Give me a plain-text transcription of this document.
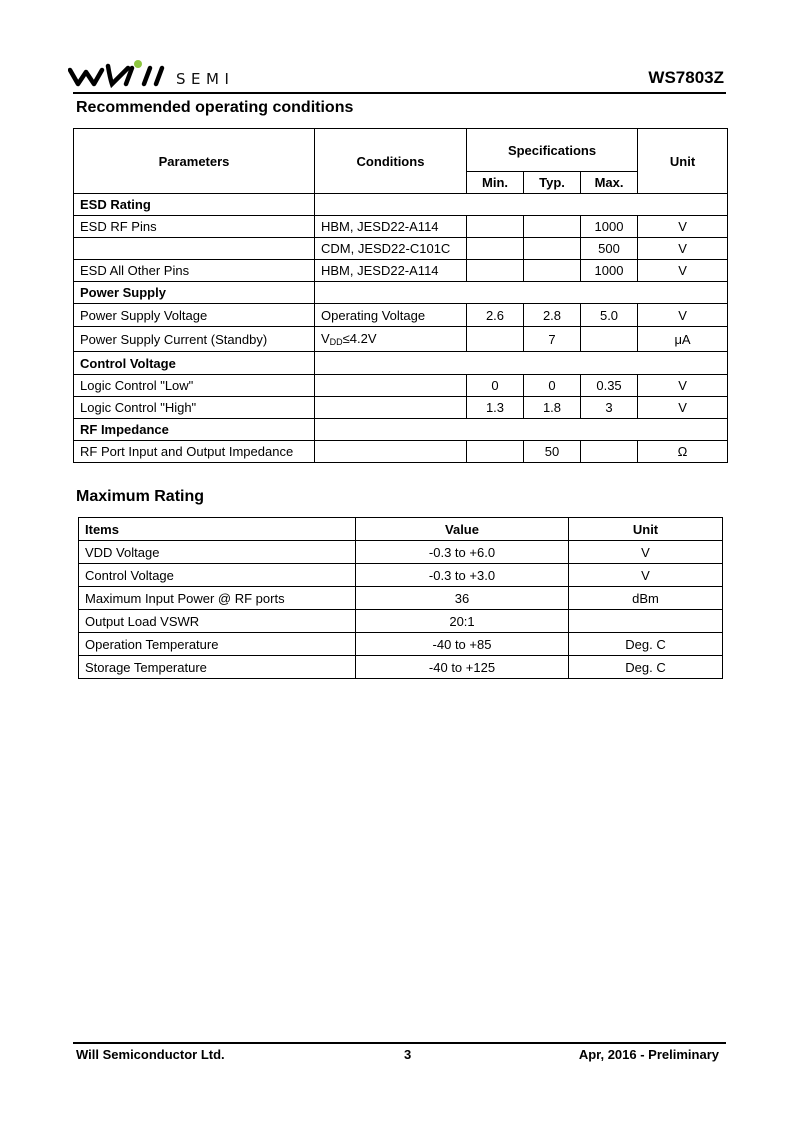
SEMI	WS7803Z
Recommended operating conditions
Parameters	Conditions	Specifications			Unit
		Min.	Typ.	Max.	
ESD Rating					
ESD RF Pins	HBM, JESD22-A114			1000	V
	CDM, JESD22-C101C			500	V
ESD All Other Pins	HBM, JESD22-A114			1000	V
Power Supply					
Power Supply Voltage	Operating Voltage	2.6	2.8	5.0	V
Power Supply Current (Standby)	$V_{DD}\le 4.2V$		7		μA
Control Voltage					
Logic Control "Low"		0	0	0.35	V
Logic Control "High"		1.3	1.8	3	V
RF Impedance					
RF Port Input and Output Impedance			50		Ω
Maximum Rating
Items	Value	Unit
VDD Voltage	-0.3 to +6.0	V
Control Voltage	-0.3 to +3.0	V
Maximum Input Power @ RF ports	36	dBm
Output Load VSWR	20:1	
Operation Temperature	-40 to +85	Deg. C
Storage Temperature	-40 to +125	Deg. C
Will Semiconductor Ltd.	3	Apr, 2016 - Preliminary
